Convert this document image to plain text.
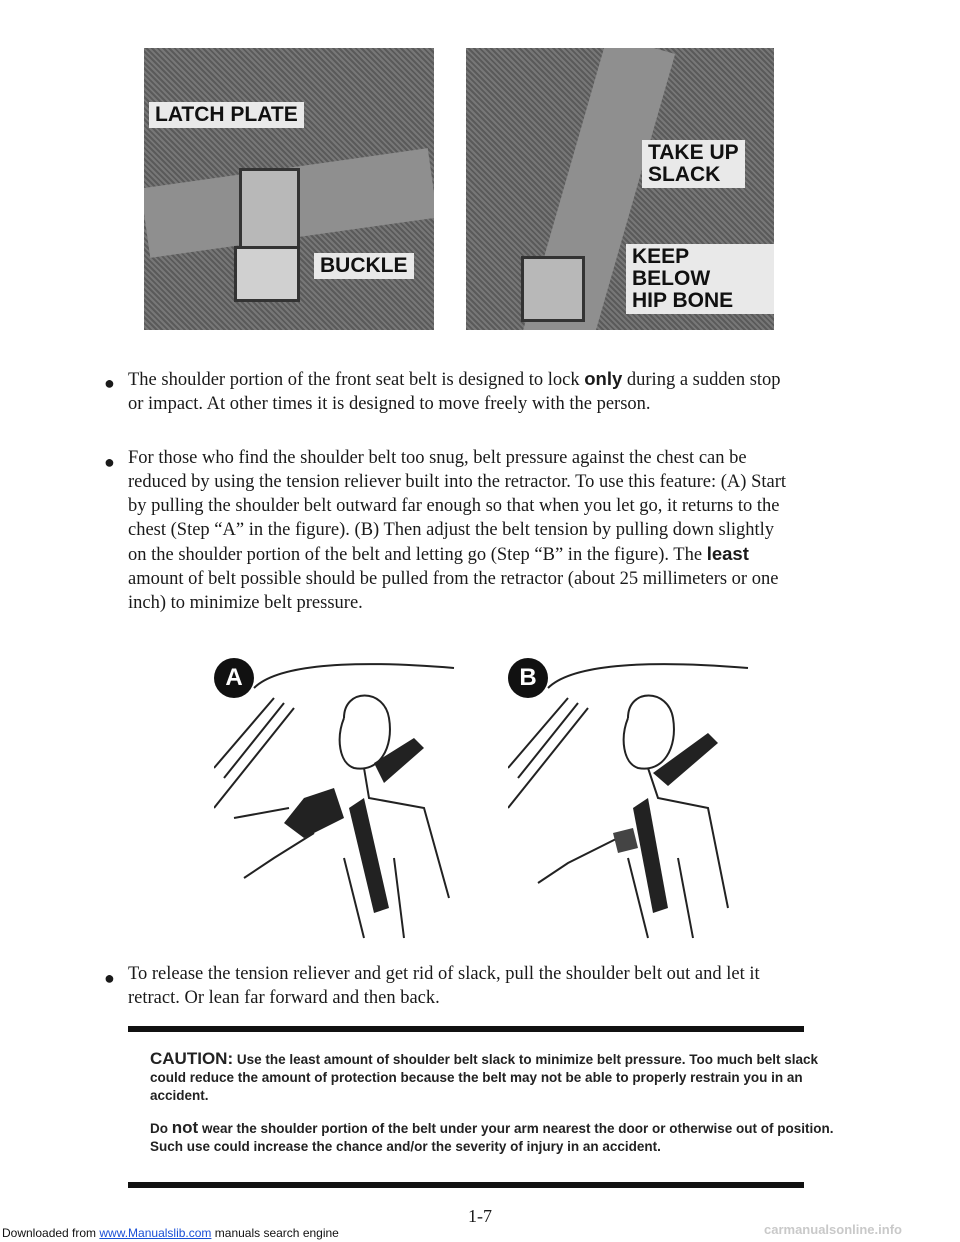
LATCH PLATE
BUCKLE
TAKE UP
SLACK
KEEP BELOW
HIP BONE
● The shoulder portion of the front seat belt is designed to lock only during a sudden stop or impact. At other times it is designed to move freely with the person.
● For those who find the shoulder belt too snug, belt pressure against the chest can be reduced by using the tension reliever built into the retractor. To use this feature: (A) Start by pulling the shoulder belt outward far enough so that when you let go, it returns to the chest (Step “A” in the figure). (B) Then adjust the belt tension by pulling down slightly on the shoulder portion of the belt and letting go (Step “B” in the figure). The least amount of belt possible should be pulled from the retractor (about 25 millimeters or one inch) to minimize belt pressure.
A	B
● To release the tension reliever and get rid of slack, pull the shoulder belt out and let it retract. Or lean far forward and then back.

CAUTION: Use the least amount of shoulder belt slack to minimize belt pressure. Too much belt slack could reduce the amount of protection because the belt may not be able to properly restrain you in an accident.

Do not wear the shoulder portion of the belt under your arm nearest the door or otherwise out of position. Such use could increase the chance and/or the severity of injury in an accident.

1-7
Downloaded from www.Manualslib.com manuals search engine	carmanualsonline.info
